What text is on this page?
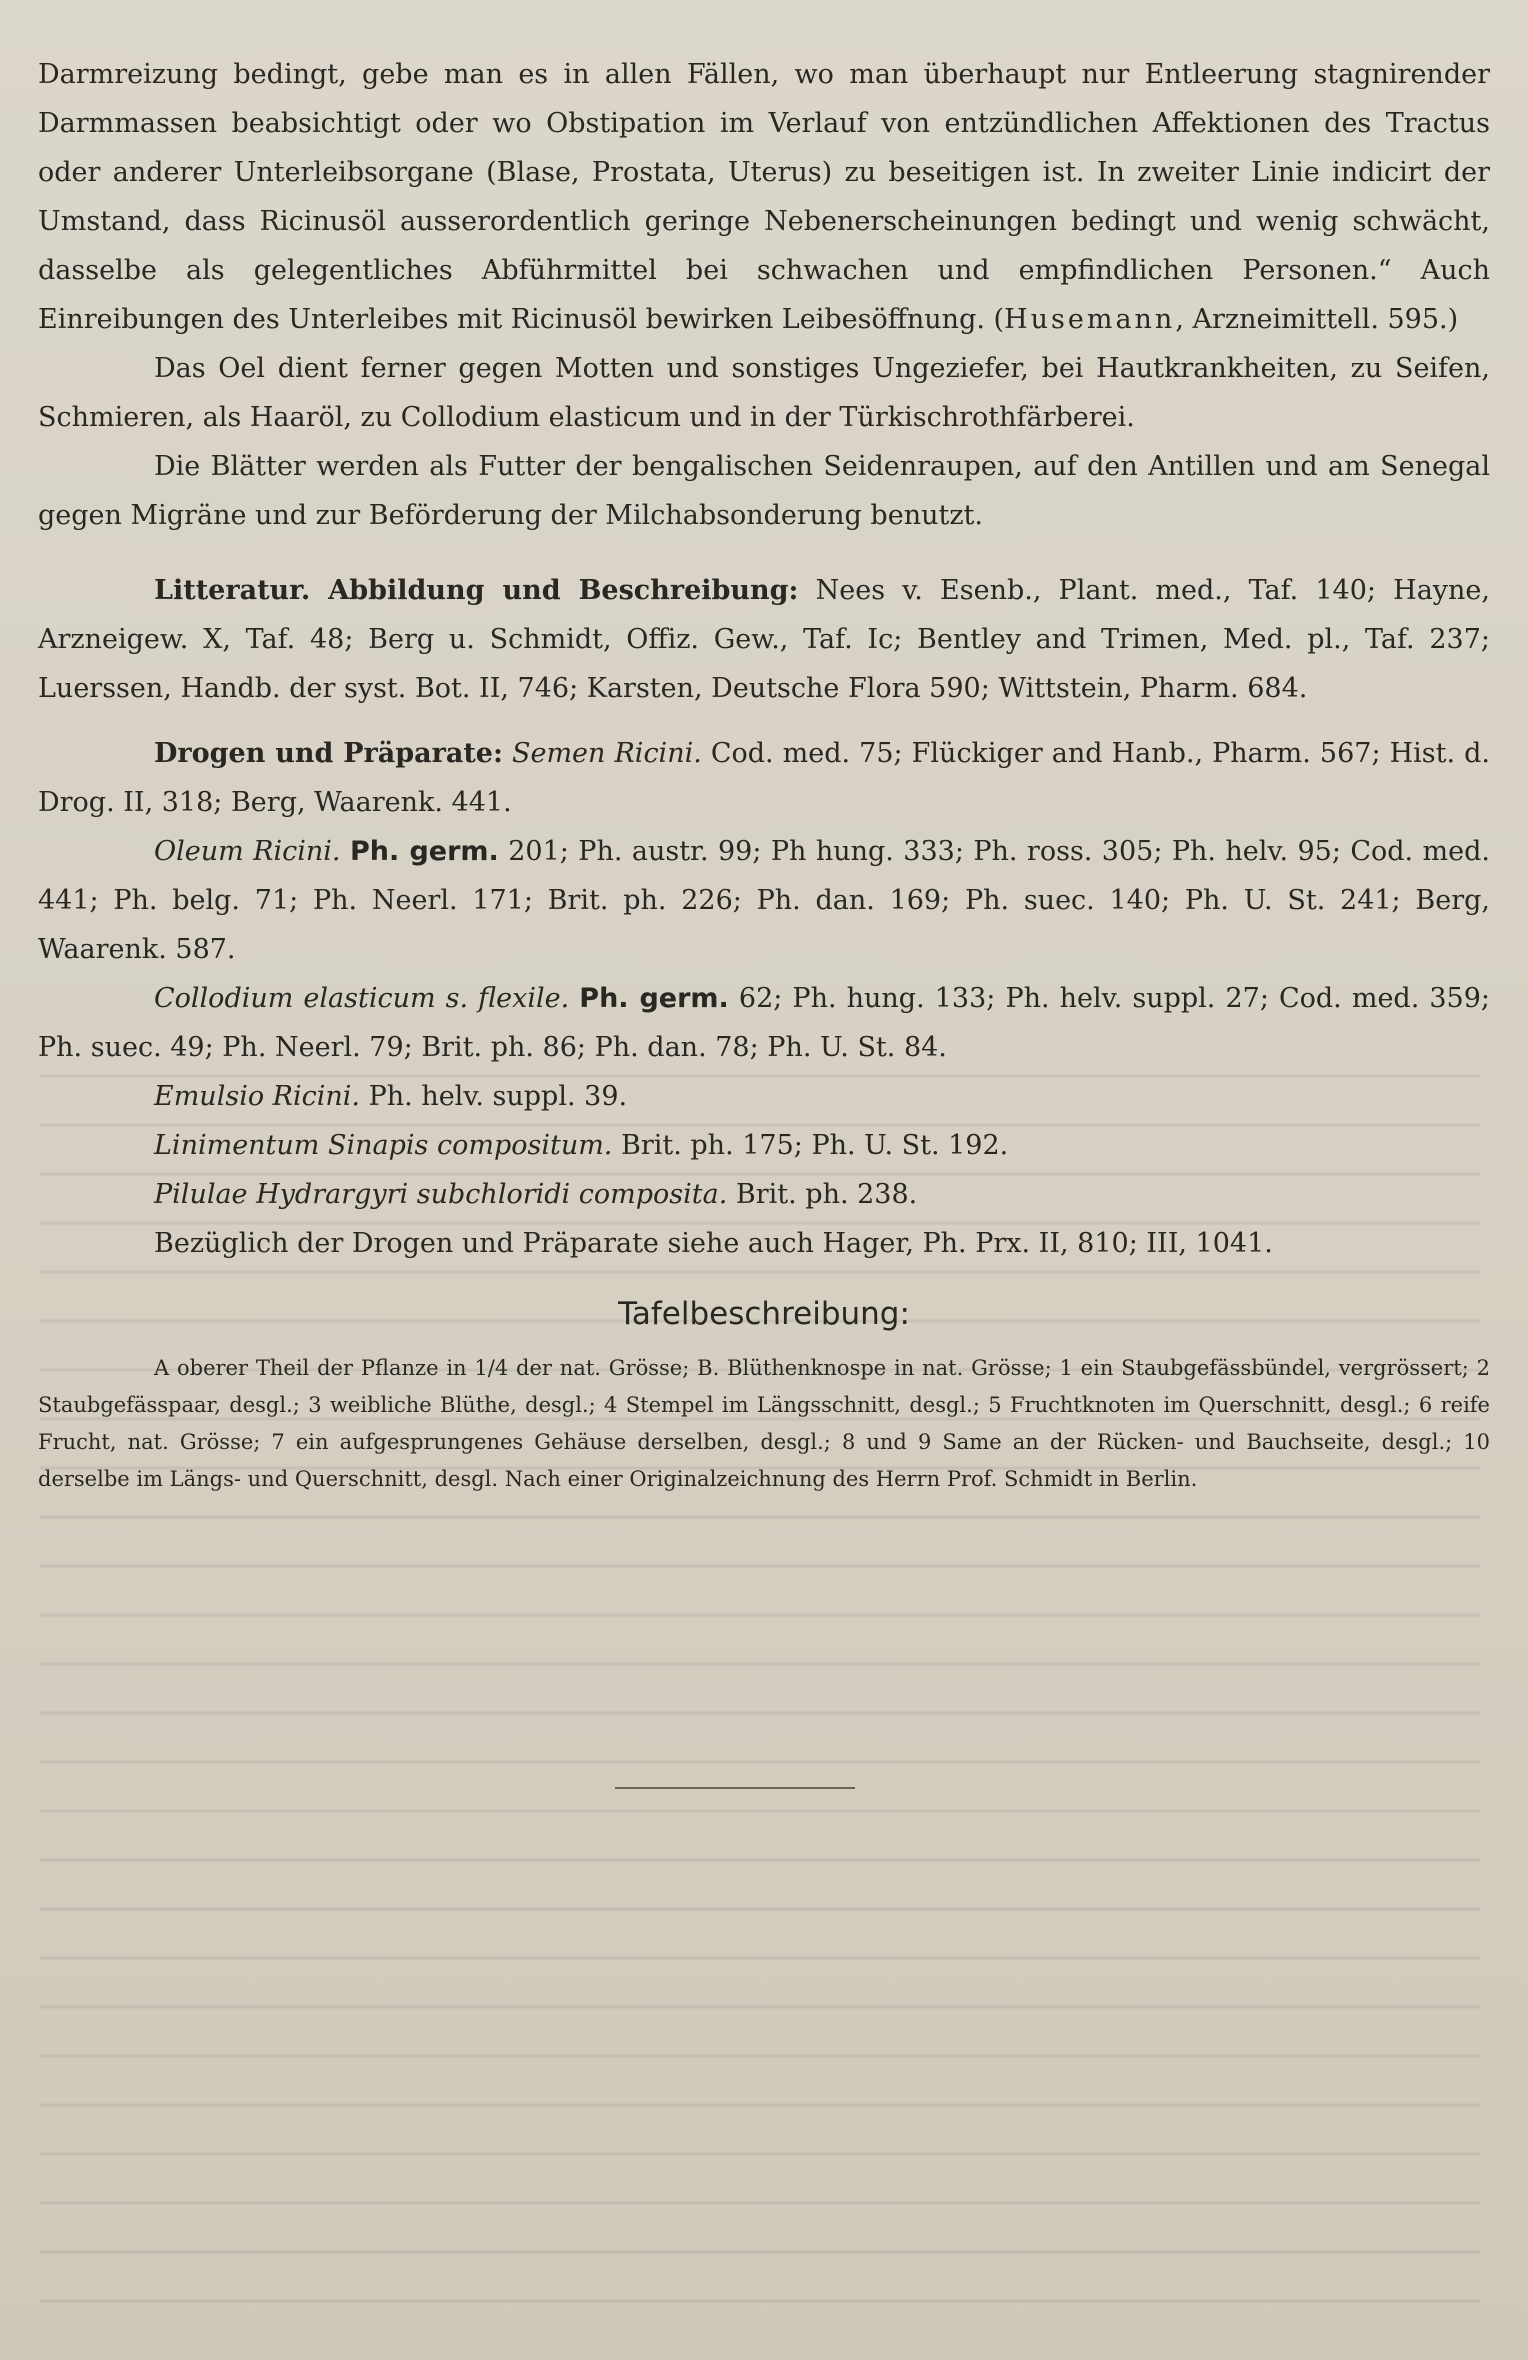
Darmreizung bedingt, gebe man es in allen Fällen, wo man überhaupt nur Entleerung stagnirender Darmmassen beabsichtigt oder wo Obstipation im Verlauf von entzündlichen Affektionen des Tractus oder anderer Unterleibsorgane (Blase, Prostata, Uterus) zu beseitigen ist. In zweiter Linie indicirt der Umstand, dass Ricinusöl ausserordentlich geringe Nebenerscheinungen bedingt und wenig schwächt, dasselbe als gelegentliches Abführmittel bei schwachen und empfindlichen Personen.“ Auch Einreibungen des Unterleibes mit Ricinusöl bewirken Leibesöffnung. (Husemann, Arzneimittell. 595.)

Das Oel dient ferner gegen Motten und sonstiges Ungeziefer, bei Hautkrankheiten, zu Seifen, Schmieren, als Haaröl, zu Collodium elasticum und in der Türkischrothfärberei.

Die Blätter werden als Futter der bengalischen Seidenraupen, auf den Antillen und am Senegal gegen Migräne und zur Beförderung der Milchabsonderung benutzt.

Litteratur. Abbildung und Beschreibung: Nees v. Esenb., Plant. med., Taf. 140; Hayne, Arzneigew. X, Taf. 48; Berg u. Schmidt, Offiz. Gew., Taf. Ic; Bentley and Trimen, Med. pl., Taf. 237; Luerssen, Handb. der syst. Bot. II, 746; Karsten, Deutsche Flora 590; Wittstein, Pharm. 684.

Drogen und Präparate: Semen Ricini. Cod. med. 75; Flückiger and Hanb., Pharm. 567; Hist. d. Drog. II, 318; Berg, Waarenk. 441.

Oleum Ricini. Ph. germ. 201; Ph. austr. 99; Ph hung. 333; Ph. ross. 305; Ph. helv. 95; Cod. med. 441; Ph. belg. 71; Ph. Neerl. 171; Brit. ph. 226; Ph. dan. 169; Ph. suec. 140; Ph. U. St. 241; Berg, Waarenk. 587.

Collodium elasticum s. flexile. Ph. germ. 62; Ph. hung. 133; Ph. helv. suppl. 27; Cod. med. 359; Ph. suec. 49; Ph. Neerl. 79; Brit. ph. 86; Ph. dan. 78; Ph. U. St. 84.

Emulsio Ricini. Ph. helv. suppl. 39.

Linimentum Sinapis compositum. Brit. ph. 175; Ph. U. St. 192.

Pilulae Hydrargyri subchloridi composita. Brit. ph. 238.

Bezüglich der Drogen und Präparate siehe auch Hager, Ph. Prx. II, 810; III, 1041.

Tafelbeschreibung:

A oberer Theil der Pflanze in 1/4 der nat. Grösse; B. Blüthenknospe in nat. Grösse; 1 ein Staubgefässbündel, vergrössert; 2 Staubgefässpaar, desgl.; 3 weibliche Blüthe, desgl.; 4 Stempel im Längsschnitt, desgl.; 5 Fruchtknoten im Querschnitt, desgl.; 6 reife Frucht, nat. Grösse; 7 ein aufgesprungenes Gehäuse derselben, desgl.; 8 und 9 Same an der Rücken- und Bauchseite, desgl.; 10 derselbe im Längs- und Querschnitt, desgl. Nach einer Originalzeichnung des Herrn Prof. Schmidt in Berlin.
